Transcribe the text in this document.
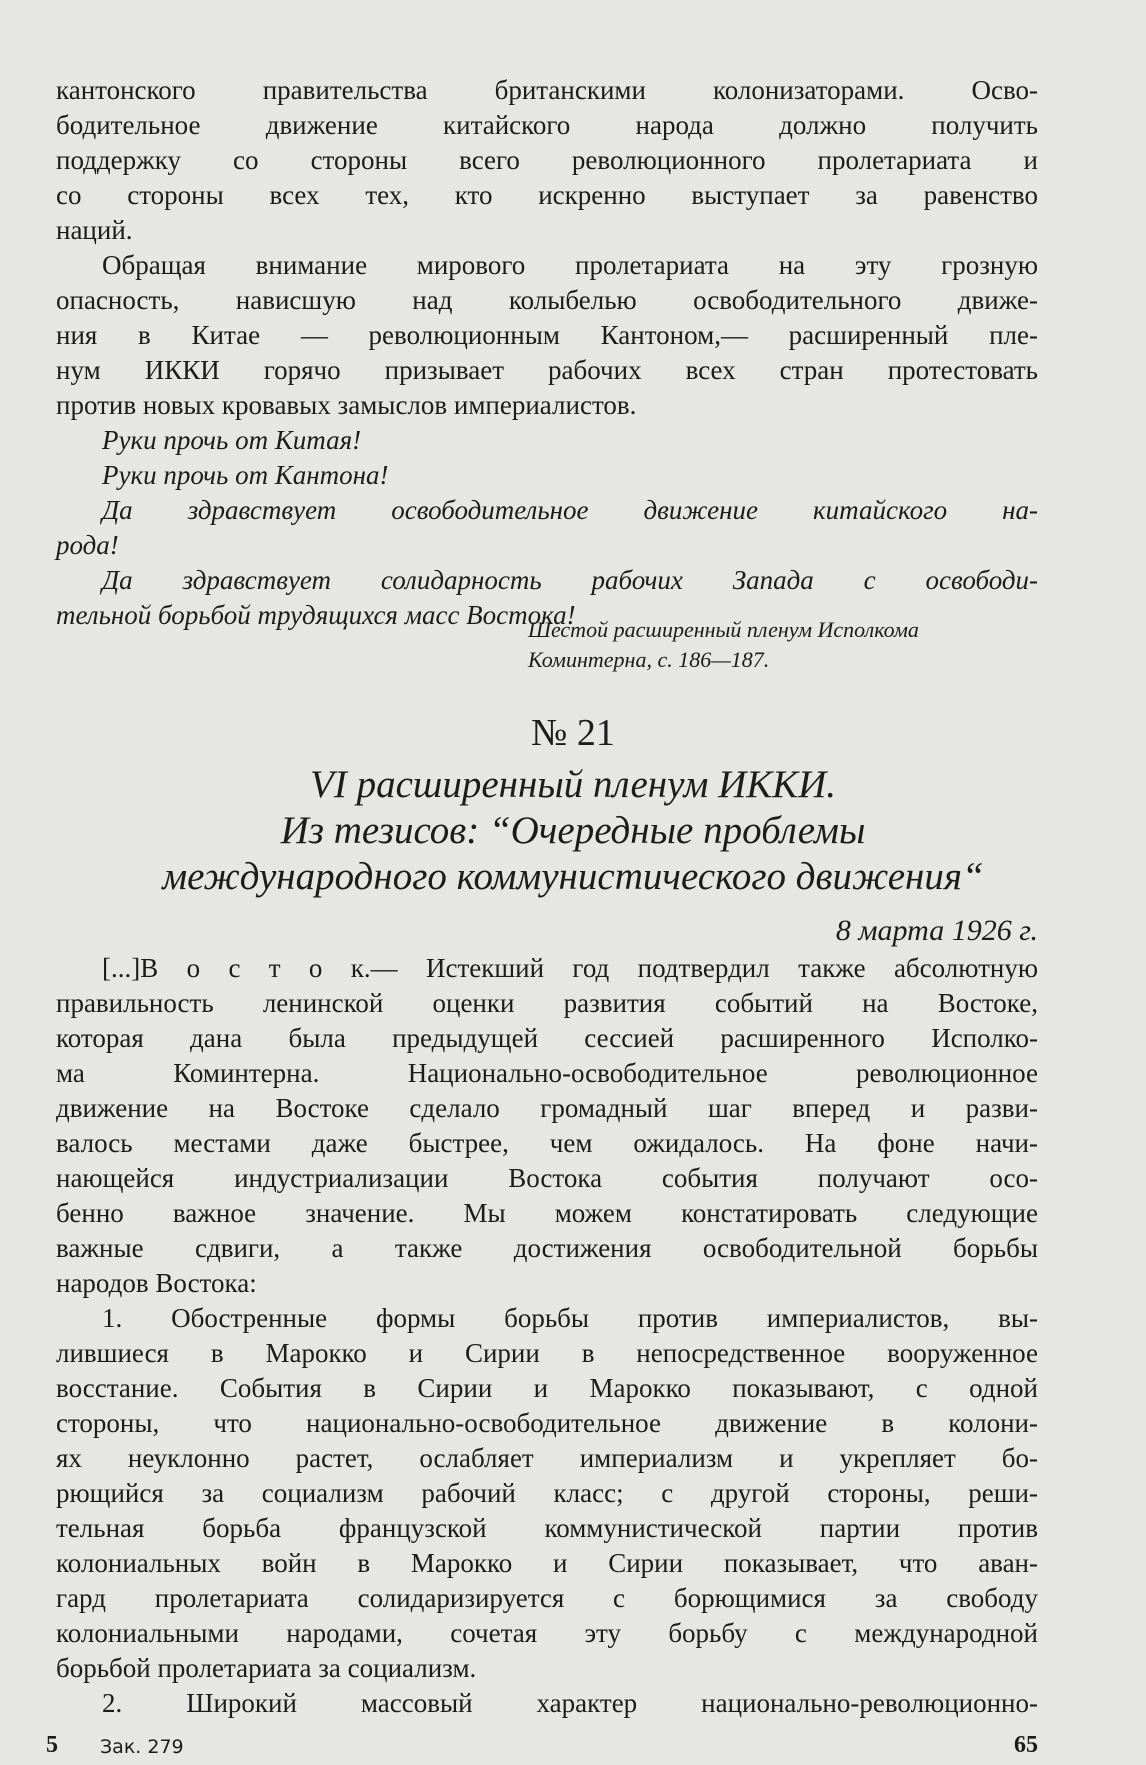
кантонского правительства британскими колонизаторами. Осво-
бодительное движение китайского народа должно получить
поддержку со стороны всего революционного пролетариата и
со стороны всех тех, кто искренно выступает за равенство
наций.
Обращая внимание мирового пролетариата на эту грозную
опасность, нависшую над колыбелью освободительного движе-
ния в Китае — революционным Кантоном,— расширенный пле-
нум ИККИ горячо призывает рабочих всех стран протестовать
против новых кровавых замыслов империалистов.
Руки прочь от Китая!
Руки прочь от Кантона!
Да здравствует освободительное движение китайского на-
рода!
Да здравствует солидарность рабочих Запада с освободи-
тельной борьбой трудящихся масс Востока!
Шестой расширенный пленум Исполкома
Коминтерна, с. 186—187.
№ 21
VI расширенный пленум ИККИ.
Из тезисов: “Очередные проблемы
международного коммунистического движения“
8 марта 1926 г.
[...]В о с т о к.— Истекший год подтвердил также абсолютную
правильность ленинской оценки развития событий на Востоке,
которая дана была предыдущей сессией расширенного Исполко-
ма Коминтерна. Национально-освободительное революционное
движение на Востоке сделало громадный шаг вперед и разви-
валось местами даже быстрее, чем ожидалось. На фоне начи-
нающейся индустриализации Востока события получают осо-
бенно важное значение. Мы можем констатировать следующие
важные сдвиги, а также достижения освободительной борьбы
народов Востока:
1. Обостренные формы борьбы против империалистов, вы-
лившиеся в Марокко и Сирии в непосредственное вооруженное
восстание. События в Сирии и Марокко показывают, с одной
стороны, что национально-освободительное движение в колони-
ях неуклонно растет, ослабляет империализм и укрепляет бо-
рющийся за социализм рабочий класс; с другой стороны, реши-
тельная борьба французской коммунистической партии против
колониальных войн в Марокко и Сирии показывает, что аван-
гард пролетариата солидаризируется с борющимися за свободу
колониальными народами, сочетая эту борьбу с международной
борьбой пролетариата за социализм.
2. Широкий массовый характер национально-революционно-
5 Зак. 279	65
